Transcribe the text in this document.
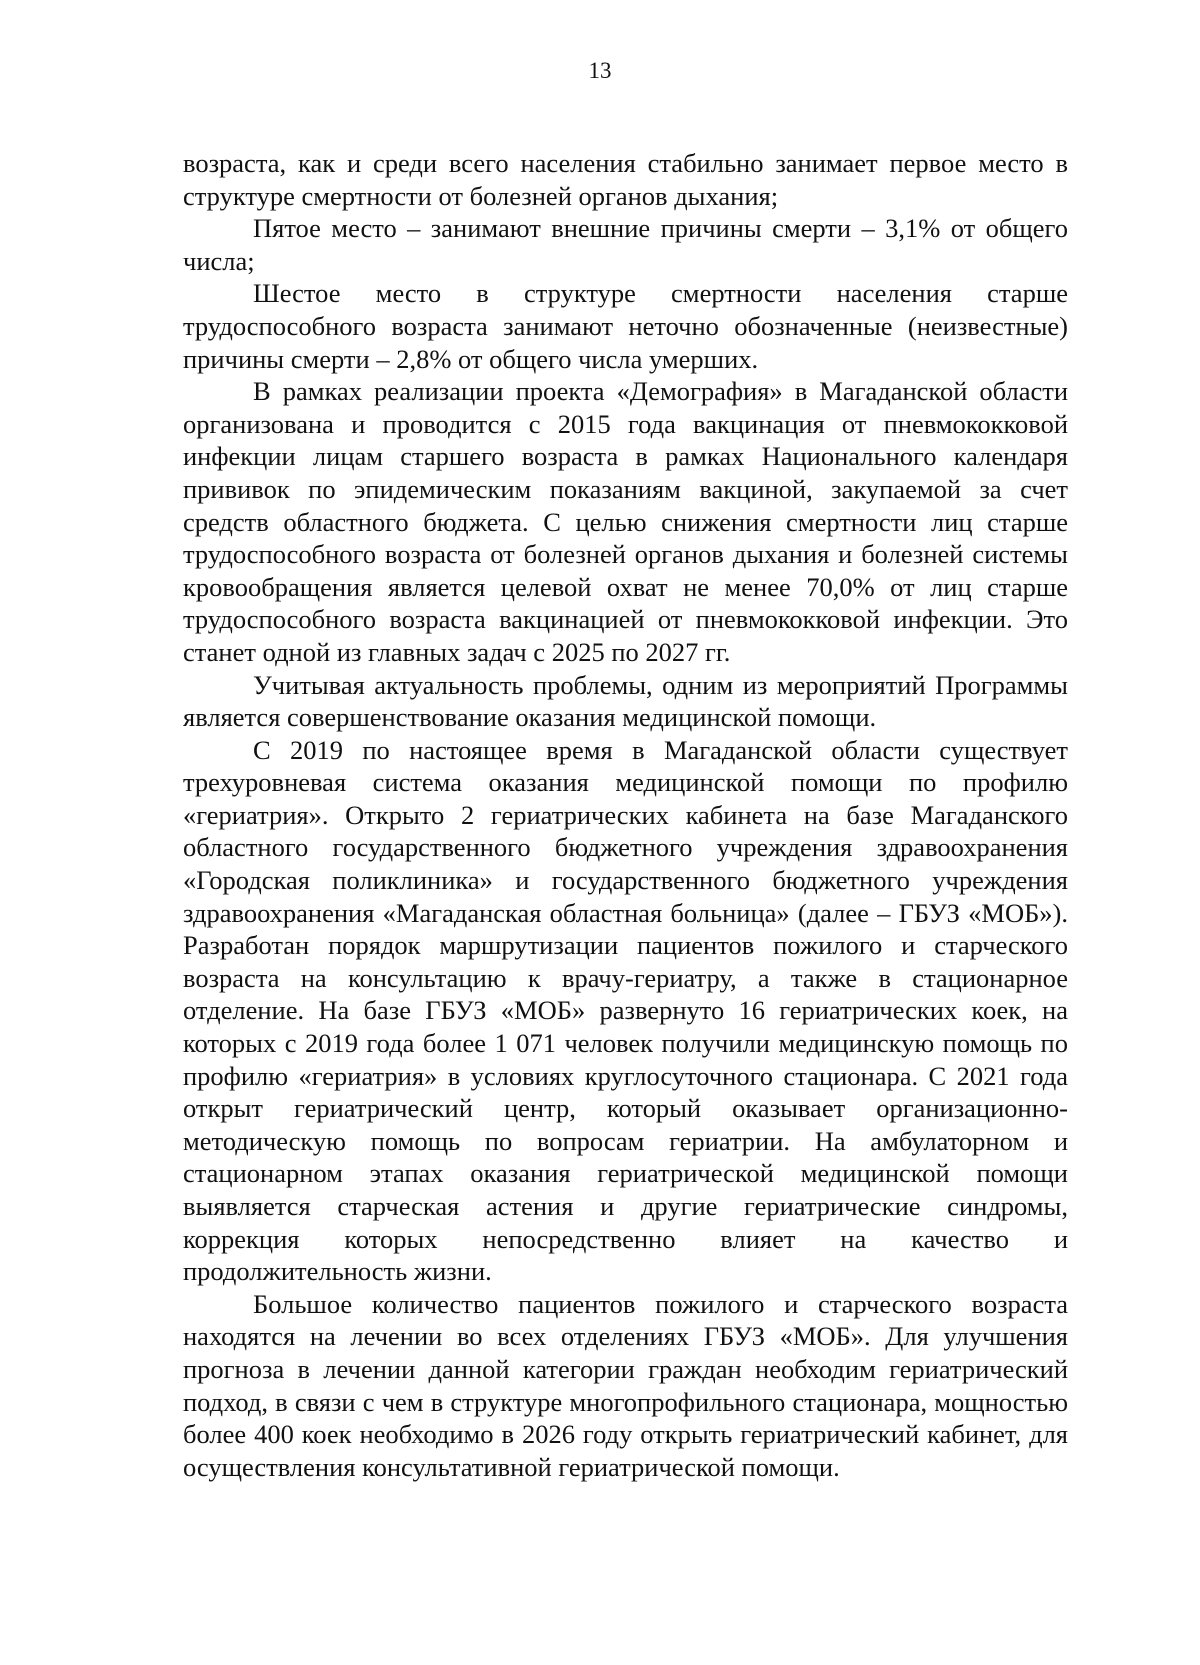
13

возраста, как и среди всего населения стабильно занимает первое место в структуре смертности от болезней органов дыхания;

Пятое место – занимают внешние причины смерти – 3,1% от общего числа;

Шестое место в структуре смертности населения старше трудоспособного возраста занимают неточно обозначенные (неизвестные) причины смерти – 2,8% от общего числа умерших.

В рамках реализации проекта «Демография» в Магаданской области организована и проводится с 2015 года вакцинация от пневмококковой инфекции лицам старшего возраста в рамках Национального календаря прививок по эпидемическим показаниям вакциной, закупаемой за счет средств областного бюджета. С целью снижения смертности лиц старше трудоспособного возраста от болезней органов дыхания и болезней системы кровообращения является целевой охват не менее 70,0% от лиц старше трудоспособного возраста вакцинацией от пневмококковой инфекции. Это станет одной из главных задач с 2025 по 2027 гг.

Учитывая актуальность проблемы, одним из мероприятий Программы является совершенствование оказания медицинской помощи.

С 2019 по настоящее время в Магаданской области существует трехуровневая система оказания медицинской помощи по профилю «гериатрия». Открыто 2 гериатрических кабинета на базе Магаданского областного государственного бюджетного учреждения здравоохранения «Городская поликлиника» и государственного бюджетного учреждения здравоохранения «Магаданская областная больница» (далее – ГБУЗ «МОБ»). Разработан порядок маршрутизации пациентов пожилого и старческого возраста на консультацию к врачу-гериатру, а также в стационарное отделение. На базе ГБУЗ «МОБ» развернуто 16 гериатрических коек, на которых с 2019 года более 1 071 человек получили медицинскую помощь по профилю «гериатрия» в условиях круглосуточного стационара. С 2021 года открыт гериатрический центр, который оказывает организационно-методическую помощь по вопросам гериатрии. На амбулаторном и стационарном этапах оказания гериатрической медицинской помощи выявляется старческая астения и другие гериатрические синдромы, коррекция которых непосредственно влияет на качество и продолжительность жизни.

Большое количество пациентов пожилого и старческого возраста находятся на лечении во всех отделениях ГБУЗ «МОБ». Для улучшения прогноза в лечении данной категории граждан необходим гериатрический подход, в связи с чем в структуре многопрофильного стационара, мощностью более 400 коек необходимо в 2026 году открыть гериатрический кабинет, для осуществления консультативной гериатрической помощи.
